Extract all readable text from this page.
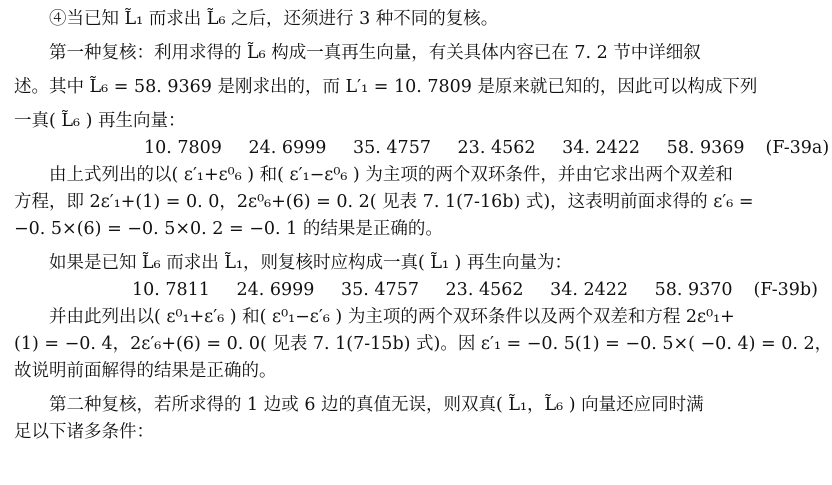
④当已知 L̃₁ 而求出 L̃₆ 之后，还须进行 3 种不同的复核。

第一种复核：利用求得的 L̃₆ 构成一真再生向量，有关具体内容已在 7. 2 节中详细叙

述。其中 L̃₆ = 58. 9369 是刚求出的，而 L′₁ = 10. 7809 是原来就已知的，因此可以构成下列

一真( L̃₆ ) 再生向量：

10. 7809 24. 6999 35. 4757 23. 4562 34. 2422 58. 9369	(F-39a)

由上式列出的以( ε′₁+ε⁰₆ ) 和( ε′₁−ε⁰₆ ) 为主项的两个双环条件，并由它求出两个双差和

方程，即 2ε′₁+(1) = 0. 0，2ε⁰₆+(6) = 0. 2( 见表 7. 1(7-16b) 式)，这表明前面求得的 ε′₆ =

−0. 5×(6) = −0. 5×0. 2 = −0. 1 的结果是正确的。

如果是已知 L̃₆ 而求出 L̃₁，则复核时应构成一真( L̃₁ ) 再生向量为：

10. 7811 24. 6999 35. 4757 23. 4562 34. 2422 58. 9370	(F-39b)

并由此列出以( ε⁰₁+ε′₆ ) 和( ε⁰₁−ε′₆ ) 为主项的两个双环条件以及两个双差和方程 2ε⁰₁+

(1) = −0. 4，2ε′₆+(6) = 0. 0( 见表 7. 1(7-15b) 式)。因 ε′₁ = −0. 5(1) = −0. 5×( −0. 4) = 0. 2，

故说明前面解得的结果是正确的。

第二种复核，若所求得的 1 边或 6 边的真值无误，则双真( L̃₁，L̃₆ ) 向量还应同时满

足以下诸多条件：
